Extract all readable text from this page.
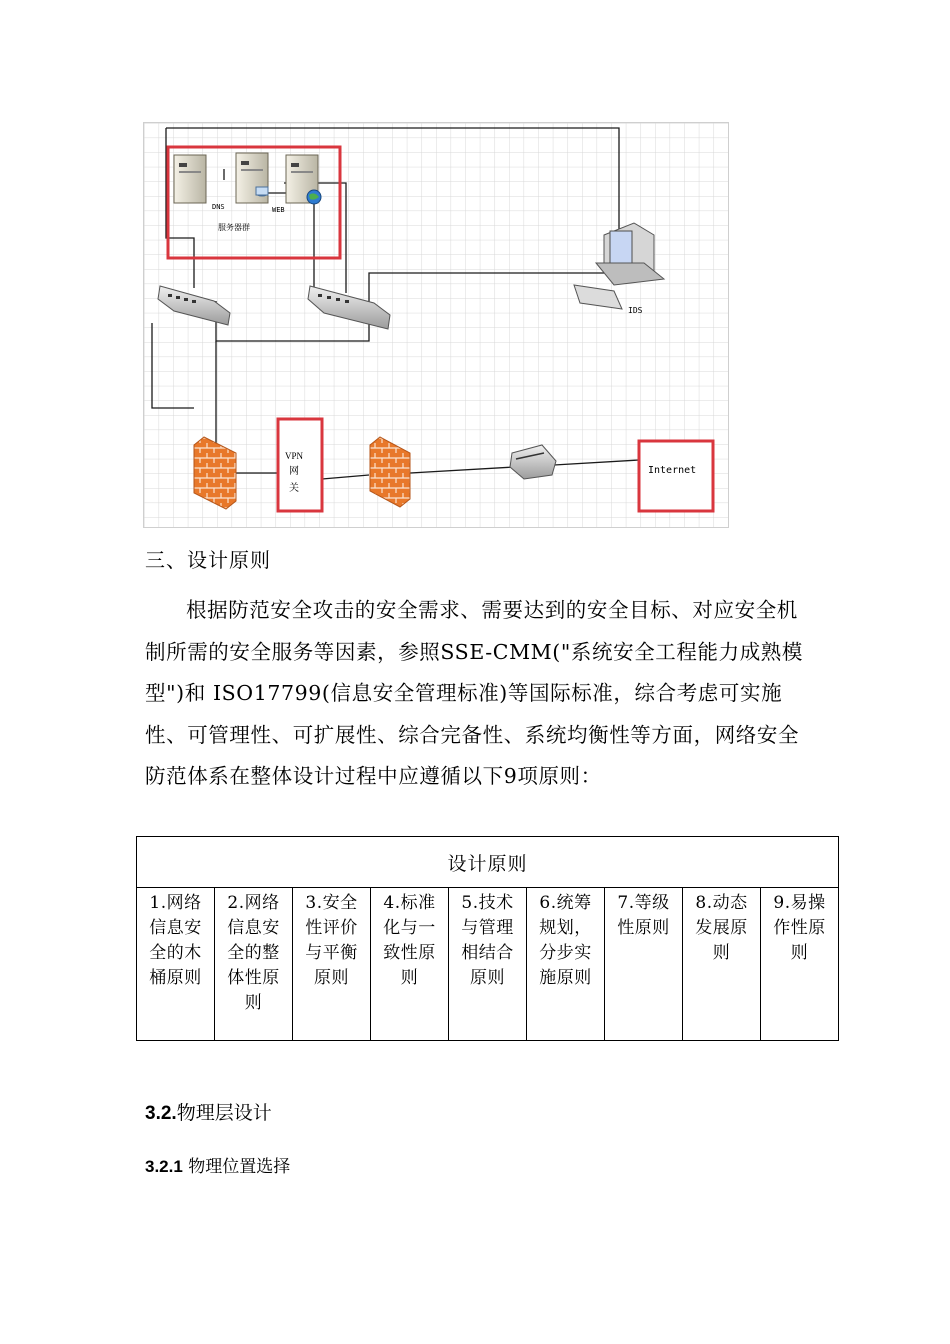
DNS	WEB
服务器群
IDS
VPN
网
关
Internet
三、设计原则

根据防范安全攻击的安全需求、需要达到的安全目标、对应安全机制所需的安全服务等因素，参照SSE-CMM("系统安全工程能力成熟模型")和 ISO17799(信息安全管理标准)等国际标准，综合考虑可实施性、可管理性、可扩展性、综合完备性、系统均衡性等方面，网络安全防范体系在整体设计过程中应遵循以下9项原则：

设计原则
1.网络信息安全的木桶原则	2.网络信息安全的整体性原则	3.安全性评价与平衡原则	4.标准化与一致性原则	5.技术与管理相结合原则	6.统筹规划，分步实施原则	7.等级性原则	8.动态发展原则	9.易操作性原则
3.2.物理层设计
3.2.1 物理位置选择
